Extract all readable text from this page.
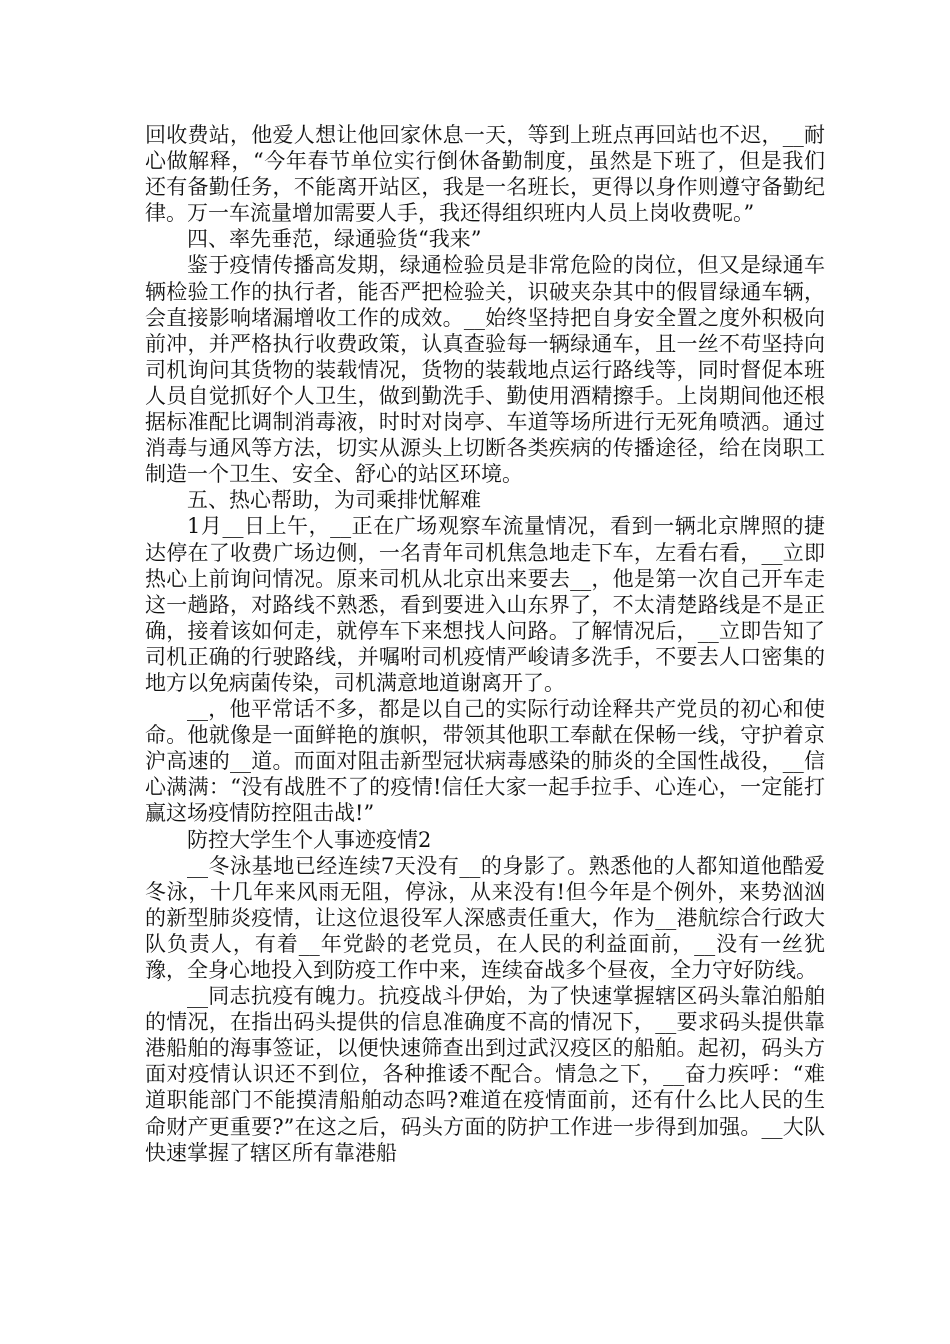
回收费站，他爱人想让他回家休息一天，等到上班点再回站也不迟，__耐心做解释，“今年春节单位实行倒休备勤制度，虽然是下班了，但是我们还有备勤任务，不能离开站区，我是一名班长，更得以身作则遵守备勤纪律。万一车流量增加需要人手，我还得组织班内人员上岗收费呢。”

四、率先垂范，绿通验货“我来”

鉴于疫情传播高发期，绿通检验员是非常危险的岗位，但又是绿通车辆检验工作的执行者，能否严把检验关，识破夹杂其中的假冒绿通车辆，会直接影响堵漏增收工作的成效。__始终坚持把自身安全置之度外积极向前冲，并严格执行收费政策，认真查验每一辆绿通车，且一丝不苟坚持向司机询问其货物的装载情况，货物的装载地点运行路线等，同时督促本班人员自觉抓好个人卫生，做到勤洗手、勤使用酒精擦手。上岗期间他还根据标准配比调制消毒液，时时对岗亭、车道等场所进行无死角喷洒。通过消毒与通风等方法，切实从源头上切断各类疾病的传播途径，给在岗职工制造一个卫生、安全、舒心的站区环境。

五、热心帮助，为司乘排忧解难

1月__日上午，__正在广场观察车流量情况，看到一辆北京牌照的捷达停在了收费广场边侧，一名青年司机焦急地走下车，左看右看，__立即热心上前询问情况。原来司机从北京出来要去__，他是第一次自己开车走这一趟路，对路线不熟悉，看到要进入山东界了，不太清楚路线是不是正确，接着该如何走，就停车下来想找人问路。了解情况后，__立即告知了司机正确的行驶路线，并嘱咐司机疫情严峻请多洗手，不要去人口密集的地方以免病菌传染，司机满意地道谢离开了。

__，他平常话不多，都是以自己的实际行动诠释共产党员的初心和使命。他就像是一面鲜艳的旗帜，带领其他职工奉献在保畅一线，守护着京沪高速的__道。而面对阻击新型冠状病毒感染的肺炎的全国性战役，__信心满满：“没有战胜不了的疫情!信任大家一起手拉手、心连心，一定能打赢这场疫情防控阻击战!”

防控大学生个人事迹疫情2

__冬泳基地已经连续7天没有__的身影了。熟悉他的人都知道他酷爱冬泳，十几年来风雨无阻，停泳，从来没有!但今年是个例外，来势汹汹的新型肺炎疫情，让这位退役军人深感责任重大，作为__港航综合行政大队负责人，有着__年党龄的老党员，在人民的利益面前，__没有一丝犹豫，全身心地投入到防疫工作中来，连续奋战多个昼夜，全力守好防线。

__同志抗疫有魄力。抗疫战斗伊始，为了快速掌握辖区码头靠泊船舶的情况，在指出码头提供的信息准确度不高的情况下，__要求码头提供靠港船舶的海事签证，以便快速筛查出到过武汉疫区的船舶。起初，码头方面对疫情认识还不到位，各种推诿不配合。情急之下，__奋力疾呼：“难道职能部门不能摸清船舶动态吗?难道在疫情面前，还有什么比人民的生命财产更重要?”在这之后，码头方面的防护工作进一步得到加强。__大队快速掌握了辖区所有靠港船
